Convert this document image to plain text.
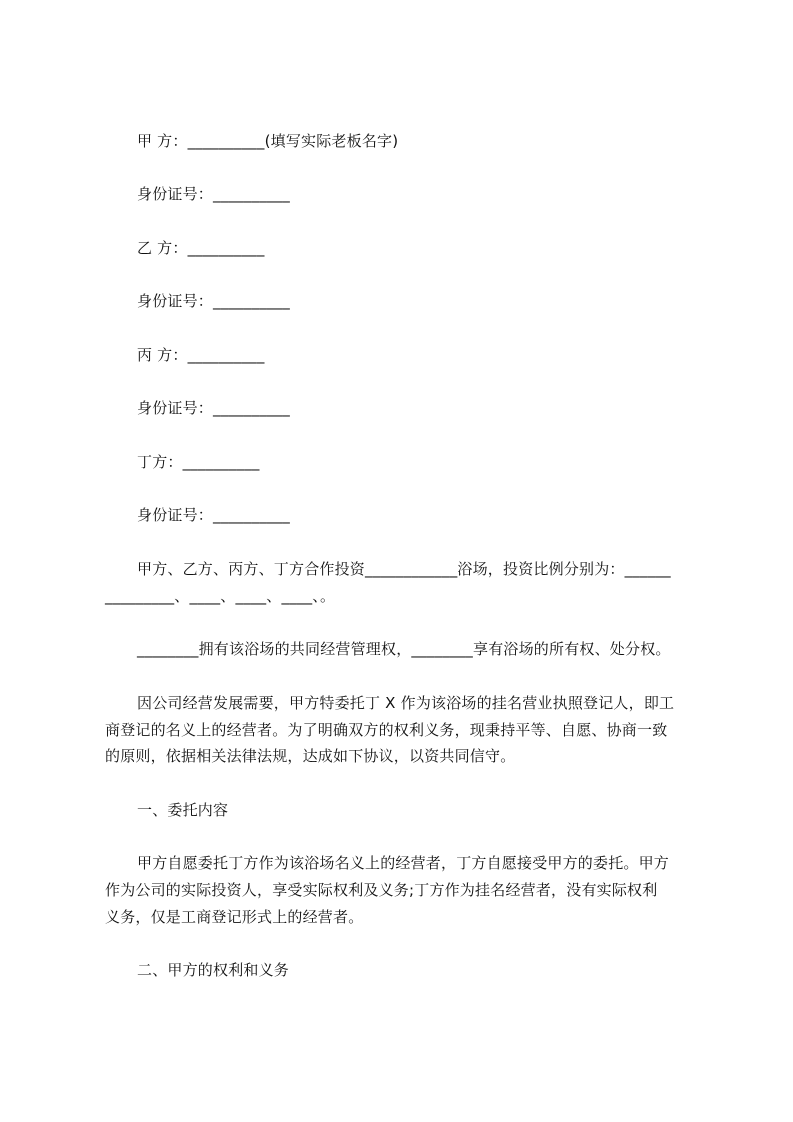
甲 方：__________(填写实际老板名字)
身份证号：__________
乙 方：__________
身份证号：__________
丙 方：__________
身份证号：__________
丁方：__________
身份证号：__________
甲方、乙方、丙方、丁方合作投资____________浴场，投资比例分别为：______
_________、____、____、____、。
________拥有该浴场的共同经营管理权，________享有浴场的所有权、处分权。
因公司经营发展需要，甲方特委托丁 X 作为该浴场的挂名营业执照登记人，即工
商登记的名义上的经营者。为了明确双方的权利义务，现秉持平等、自愿、协商一致
的原则，依据相关法律法规，达成如下协议，以资共同信守。
一、委托内容
甲方自愿委托丁方作为该浴场名义上的经营者，丁方自愿接受甲方的委托。甲方
作为公司的实际投资人，享受实际权利及义务;丁方作为挂名经营者，没有实际权利
义务，仅是工商登记形式上的经营者。
二、甲方的权利和义务
